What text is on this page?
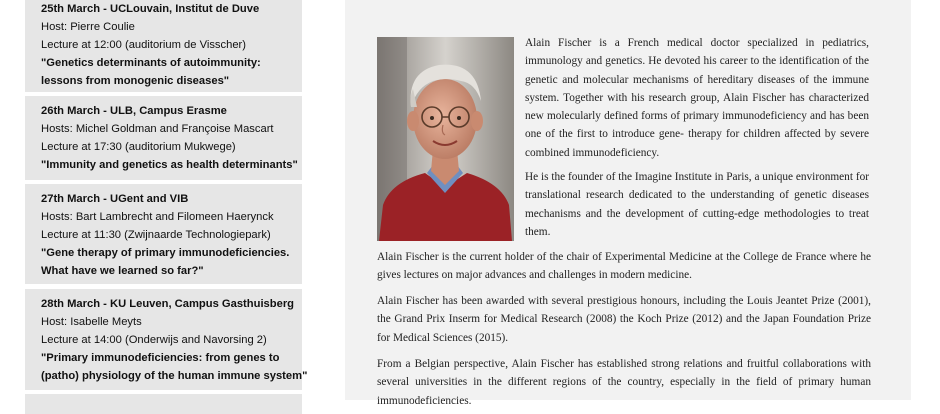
25th March - UCLouvain, Institut de Duve
Host: Pierre Coulie
Lecture at 12:00 (auditorium de Visscher)
"Genetics determinants of autoimmunity:
lessons from monogenic diseases"
26th March - ULB, Campus Erasme
Hosts: Michel Goldman and Françoise Mascart
Lecture at 17:30 (auditorium Mukwege)
"Immunity and genetics as health determinants"
27th March - UGent and VIB
Hosts: Bart Lambrecht and Filomeen Haerynck
Lecture at 11:30 (Zwijnaarde Technologiepark)
"Gene therapy of primary immunodeficiencies.
What have we learned so far?"
28th March - KU Leuven, Campus Gasthuisberg
Host: Isabelle Meyts
Lecture at 14:00 (Onderwijs and Navorsing 2)
"Primary immunodeficiencies: from genes to
(patho) physiology of the human immune system"

Alain Fischer is a French medical doctor specialized in pediatrics, immunology and genetics. He devoted his career to the identification of the genetic and molecular mechanisms of hereditary diseases of the immune system. Together with his research group, Alain Fischer has characterized new molecularly defined forms of primary immunodeficiency and has been one of the first to introduce gene- therapy for children affected by severe combined immunodeficiency.

He is the founder of the Imagine Institute in Paris, a unique environment for translational research dedicated to the understanding of genetic diseases mechanisms and the development of cutting-edge methodologies to treat them.

Alain Fischer is the current holder of the chair of Experimental Medicine at the College de France where he gives lectures on major advances and challenges in modern medicine.

Alain Fischer has been awarded with several prestigious honours, including the Louis Jeantet Prize (2001), the Grand Prix Inserm for Medical Research (2008) the Koch Prize (2012) and the Japan Foundation Prize for Medical Sciences (2015).

From a Belgian perspective, Alain Fischer has established strong relations and fruitful collaborations with several universities in the different regions of the country, especially in the field of primary human immunodeficiencies.
